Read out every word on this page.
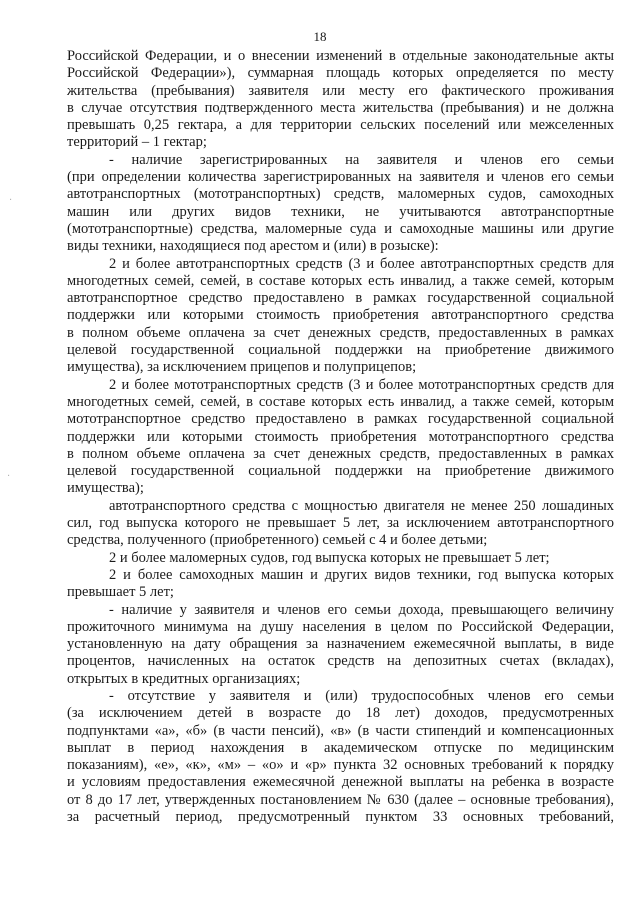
18
Российской Федерации, и о внесении изменений в отдельные законодательные акты
Российской Федерации»), суммарная площадь которых определяется по месту
жительства (пребывания) заявителя или месту его фактического проживания
в случае отсутствия подтвержденного места жительства (пребывания) и не должна
превышать 0,25 гектара, а для территории сельских поселений или межселенных
территорий – 1 гектар;
- наличие зарегистрированных на заявителя и членов его семьи
(при определении количества зарегистрированных на заявителя и членов его семьи
автотранспортных (мототранспортных) средств, маломерных судов, самоходных
машин или других видов техники, не учитываются автотранспортные
(мототранспортные) средства, маломерные суда и самоходные машины или другие
виды техники, находящиеся под арестом и (или) в розыске):
2 и более автотранспортных средств (3 и более автотранспортных средств для
многодетных семей, семей, в составе которых есть инвалид, а также семей, которым
автотранспортное средство предоставлено в рамках государственной социальной
поддержки или которыми стоимость приобретения автотранспортного средства
в полном объеме оплачена за счет денежных средств, предоставленных в рамках
целевой государственной социальной поддержки на приобретение движимого
имущества), за исключением прицепов и полуприцепов;
2 и более мототранспортных средств (3 и более мототранспортных средств для
многодетных семей, семей, в составе которых есть инвалид, а также семей, которым
мототранспортное средство предоставлено в рамках государственной социальной
поддержки или которыми стоимость приобретения мототранспортного средства
в полном объеме оплачена за счет денежных средств, предоставленных в рамках
целевой государственной социальной поддержки на приобретение движимого
имущества);
автотранспортного средства с мощностью двигателя не менее 250 лошадиных
сил, год выпуска которого не превышает 5 лет, за исключением автотранспортного
средства, полученного (приобретенного) семьей с 4 и более детьми;
2 и более маломерных судов, год выпуска которых не превышает 5 лет;
2 и более самоходных машин и других видов техники, год выпуска которых
превышает 5 лет;
- наличие у заявителя и членов его семьи дохода, превышающего величину
прожиточного минимума на душу населения в целом по Российской Федерации,
установленную на дату обращения за назначением ежемесячной выплаты, в виде
процентов, начисленных на остаток средств на депозитных счетах (вкладах),
открытых в кредитных организациях;
- отсутствие у заявителя и (или) трудоспособных членов его семьи
(за исключением детей в возрасте до 18 лет) доходов, предусмотренных
подпунктами «а», «б» (в части пенсий), «в» (в части стипендий и компенсационных
выплат в период нахождения в академическом отпуске по медицинским
показаниям), «е», «к», «м» – «о» и «р» пункта 32 основных требований к порядку
и условиям предоставления ежемесячной денежной выплаты на ребенка в возрасте
от 8 до 17 лет, утвержденных постановлением № 630 (далее – основные требования),
за расчетный период, предусмотренный пунктом 33 основных требований,
.
.
